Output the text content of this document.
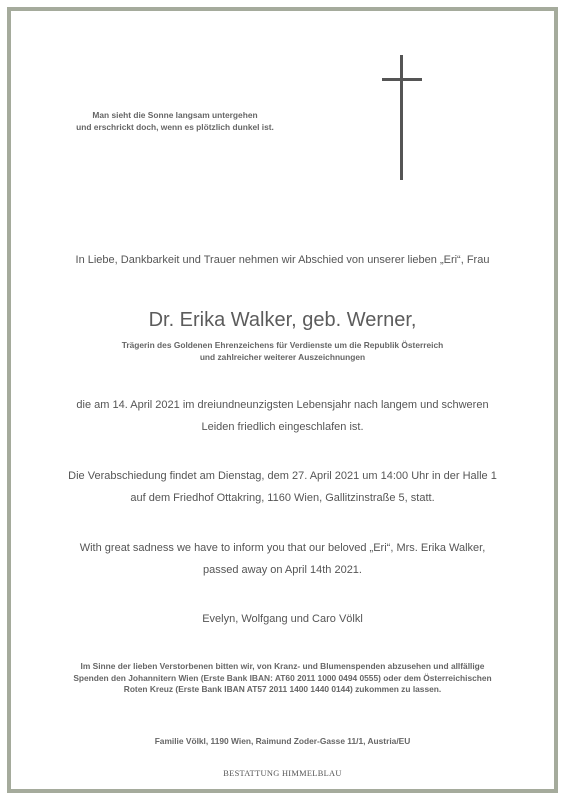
Man sieht die Sonne langsam untergehen
und erschrickt doch, wenn es plötzlich dunkel ist.
In Liebe, Dankbarkeit und Trauer nehmen wir Abschied von unserer lieben „Eri“, Frau
Dr. Erika Walker, geb. Werner,
Trägerin des Goldenen Ehrenzeichens für Verdienste um die Republik Österreich
und zahlreicher weiterer Auszeichnungen
die am 14. April 2021 im dreiundneunzigsten Lebensjahr nach langem und schweren
Leiden friedlich eingeschlafen ist.
Die Verabschiedung findet am Dienstag, dem 27. April 2021 um 14:00 Uhr in der Halle 1
auf dem Friedhof Ottakring, 1160 Wien, Gallitzinstraße 5, statt.
With great sadness we have to inform you that our beloved „Eri“, Mrs. Erika Walker,
passed away on April 14th 2021.
Evelyn, Wolfgang und Caro Völkl
Im Sinne der lieben Verstorbenen bitten wir, von Kranz- und Blumenspenden abzusehen und allfällige
Spenden den Johannitern Wien (Erste Bank IBAN: AT60 2011 1000 0494 0555) oder dem Österreichischen
Roten Kreuz (Erste Bank IBAN AT57 2011 1400 1440 0144) zukommen zu lassen.
Familie Völkl, 1190 Wien, Raimund Zoder-Gasse 11/1, Austria/EU
BESTATTUNG HIMMELBLAU
